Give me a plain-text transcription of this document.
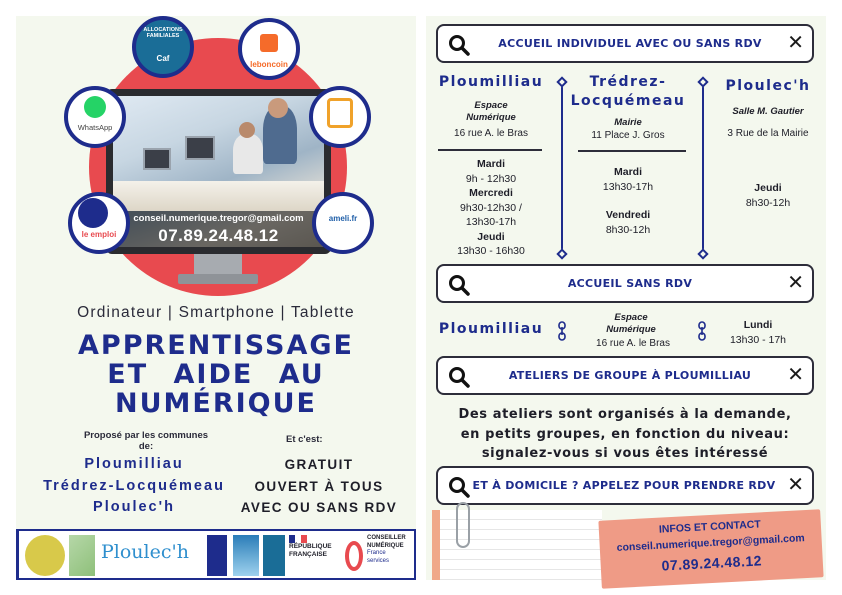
conseil.numerique.tregor@gmail.com
07.89.24.48.12
ALLOCATIONS FAMILIALES
Caf
leboncoin
WhatsApp
le emploi
ameli.fr
Ordinateur | Smartphone | Tablette
APPRENTISSAGE
ET AIDE AU
NUMÉRIQUE
Proposé par les communes de:
Et c'est:
Ploumilliau
Trédrez-Locquémeau
Ploulec'h
GRATUIT
OUVERT À TOUS
AVEC OU SANS RDV
Ploulec'h	RÉPUBLIQUE
FRANÇAISE
CONSEILLER
NUMÉRIQUE
France
services
ACCUEIL INDIVIDUEL AVEC OU SANS RDV	✕
Ploumilliau
Espace Numérique
16 rue A. le Bras
Mardi
9h - 12h30
Mercredi
9h30-12h30 /
13h30-17h
Jeudi
13h30 - 16h30
Trédrez-Locquémeau
Mairie
11 Place J. Gros
Mardi
13h30-17h
Vendredi
8h30-12h
Ploulec'h
Salle M. Gautier
3 Rue de la Mairie
Jeudi
8h30-12h
ACCUEIL SANS RDV	✕
Ploumilliau
Espace Numérique
16 rue A. le Bras
Lundi
13h30 - 17h
ATELIERS DE GROUPE À PLOUMILLIAU	✕
Des ateliers sont organisés à la demande,
en petits groupes, en fonction du niveau:
signalez-vous si vous êtes intéressé
ET À DOMICILE ? APPELEZ POUR PRENDRE RDV ✕
INFOS ET CONTACT
conseil.numerique.tregor@gmail.com
07.89.24.48.12
